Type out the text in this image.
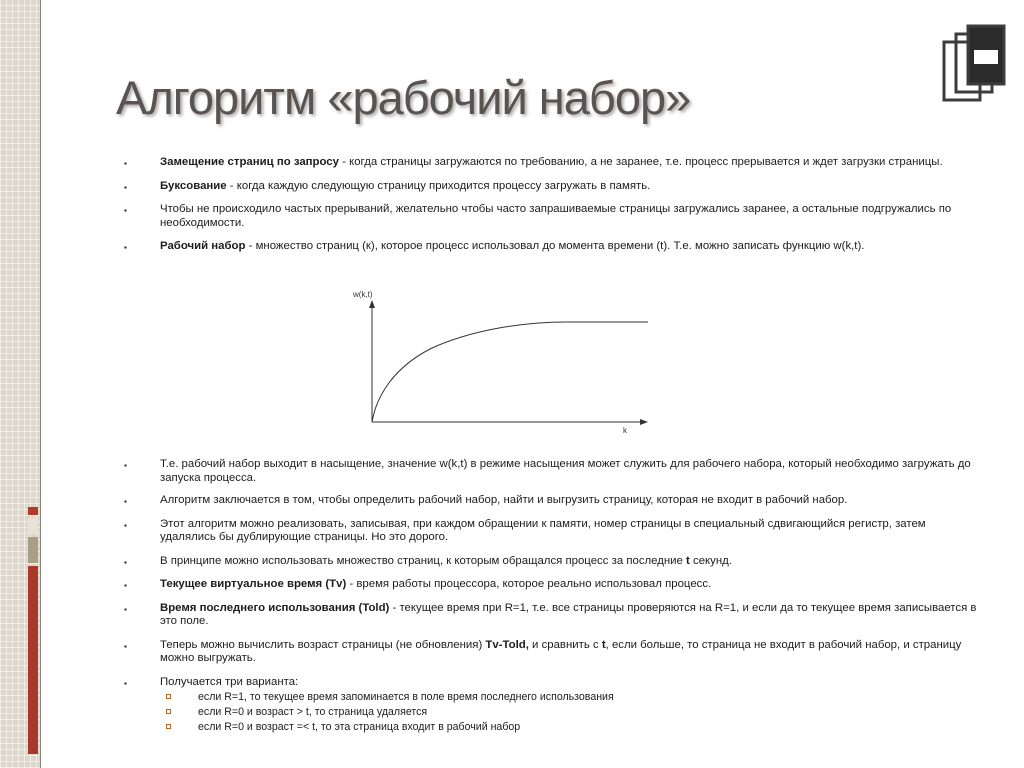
Алгоритм «рабочий набор»
▪	Замещение страниц по запросу - когда страницы загружаются по требованию, а не заранее, т.е. процесс прерывается и ждет загрузки страницы.
▪	Буксование - когда каждую следующую страницу приходится процессу загружать в память.
▪	Чтобы не происходило частых прерываний, желательно чтобы часто запрашиваемые страницы загружались заранее, а остальные подгружались по необходимости.
▪	Рабочий набор - множество страниц (к), которое процесс использовал до момента времени (t). Т.е. можно записать функцию w(k,t).
w(k,t)
k
▪	Т.е. рабочий набор выходит в насыщение, значение w(k,t) в режиме насыщения может служить для рабочего набора, который необходимо загружать до запуска процесса.
▪	Алгоритм заключается в том, чтобы определить рабочий набор, найти и выгрузить страницу, которая не входит в рабочий набор.
▪	Этот алгоритм можно реализовать, записывая, при каждом обращении к памяти, номер страницы в специальный сдвигающийся регистр, затем удалялись бы дублирующие страницы. Но это дорого.
▪	В принципе можно использовать множество страниц, к которым обращался процесс за последние t секунд.
▪	Текущее виртуальное время (Tv) - время работы процессора, которое реально использовал процесс.
▪	Время последнего использования (Told) - текущее время при R=1, т.е. все страницы проверяются на R=1, и если да то текущее время записывается в это поле.
▪	Теперь можно вычислить возраст страницы (не обновления) Tv-Told, и сравнить с t, если больше, то страница не входит в рабочий набор, и страницу можно выгружать.
▪	Получается три варианта:
если R=1, то текущее время запоминается в поле время последнего использования
если R=0 и возраст > t, то страница удаляется
если R=0 и возраст =< t, то эта страница входит в рабочий набор
